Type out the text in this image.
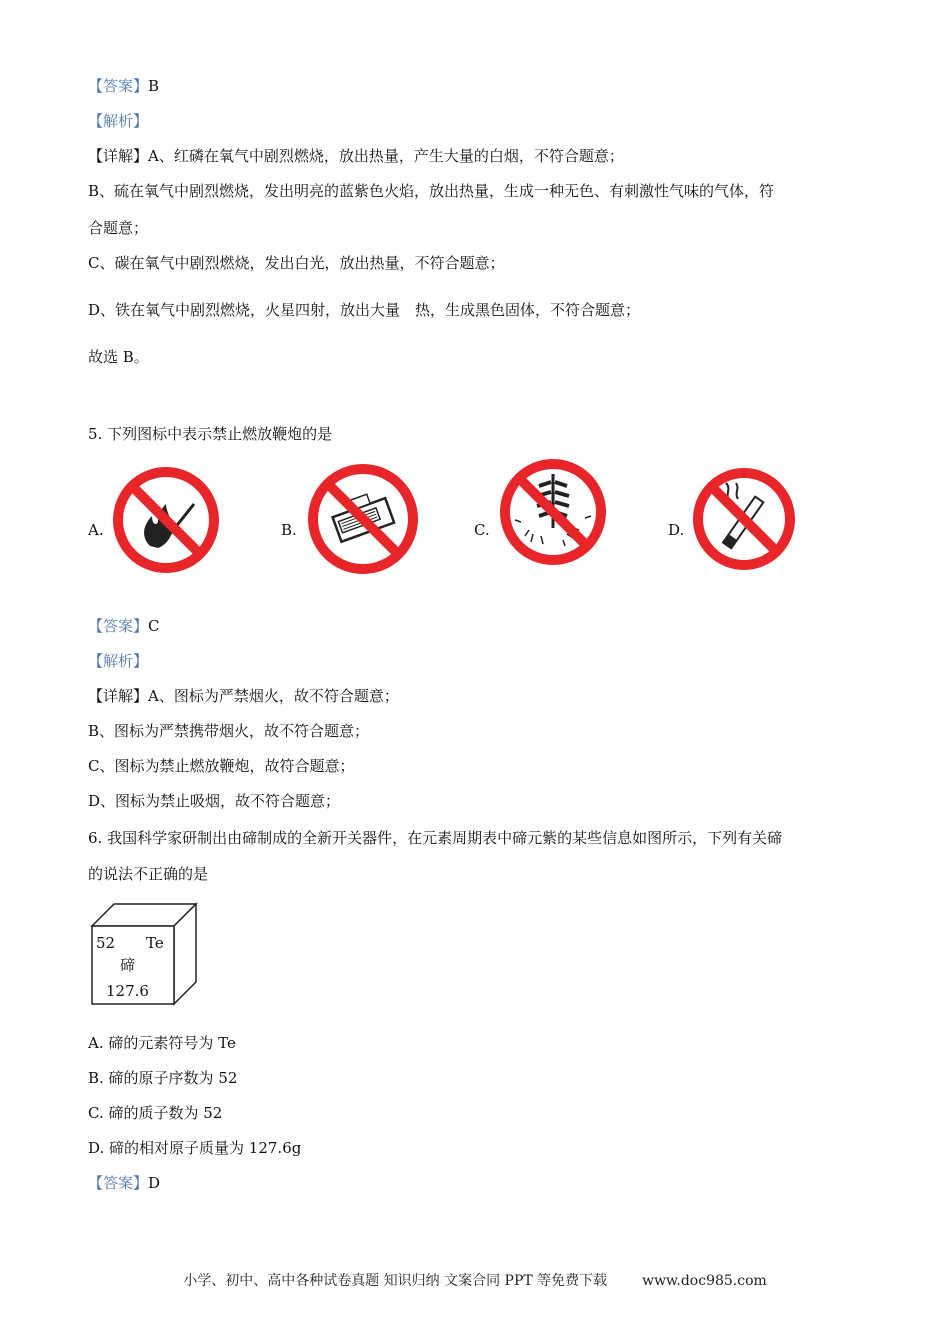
【答案】B
【解析】
【详解】A、红磷在氧气中剧烈燃烧，放出热量，产生大量的白烟，不符合题意；
B、硫在氧气中剧烈燃烧，发出明亮的蓝紫色火焰，放出热量，生成一种无色、有刺激性气味的气体，符
合题意；
C、碳在氧气中剧烈燃烧，发出白光，放出热量，不符合题意；
D、铁在氧气中剧烈燃烧，火星四射，放出大量　热，生成黑色固体，不符合题意；
故选 B。
5. 下列图标中表示禁止燃放鞭炮的是
A.	B.	C.	D.
【答案】C
【解析】
【详解】A、图标为严禁烟火，故不符合题意；
B、图标为严禁携带烟火，故不符合题意；
C、图标为禁止燃放鞭炮，故符合题意；
D、图标为禁止吸烟，故不符合题意；
6. 我国科学家研制出由碲制成的全新开关器件，在元素周期表中碲元紫的某些信息如图所示，下列有关碲
的说法不正确的是
52 Te
碲
127.6
A. 碲的元素符号为 Te
B. 碲的原子序数为 52
C. 碲的质子数为 52
D. 碲的相对原子质量为 127.6g
【答案】D
小学、初中、高中各种试卷真题 知识归纳 文案合同 PPT 等免费下载 www.doc985.com
